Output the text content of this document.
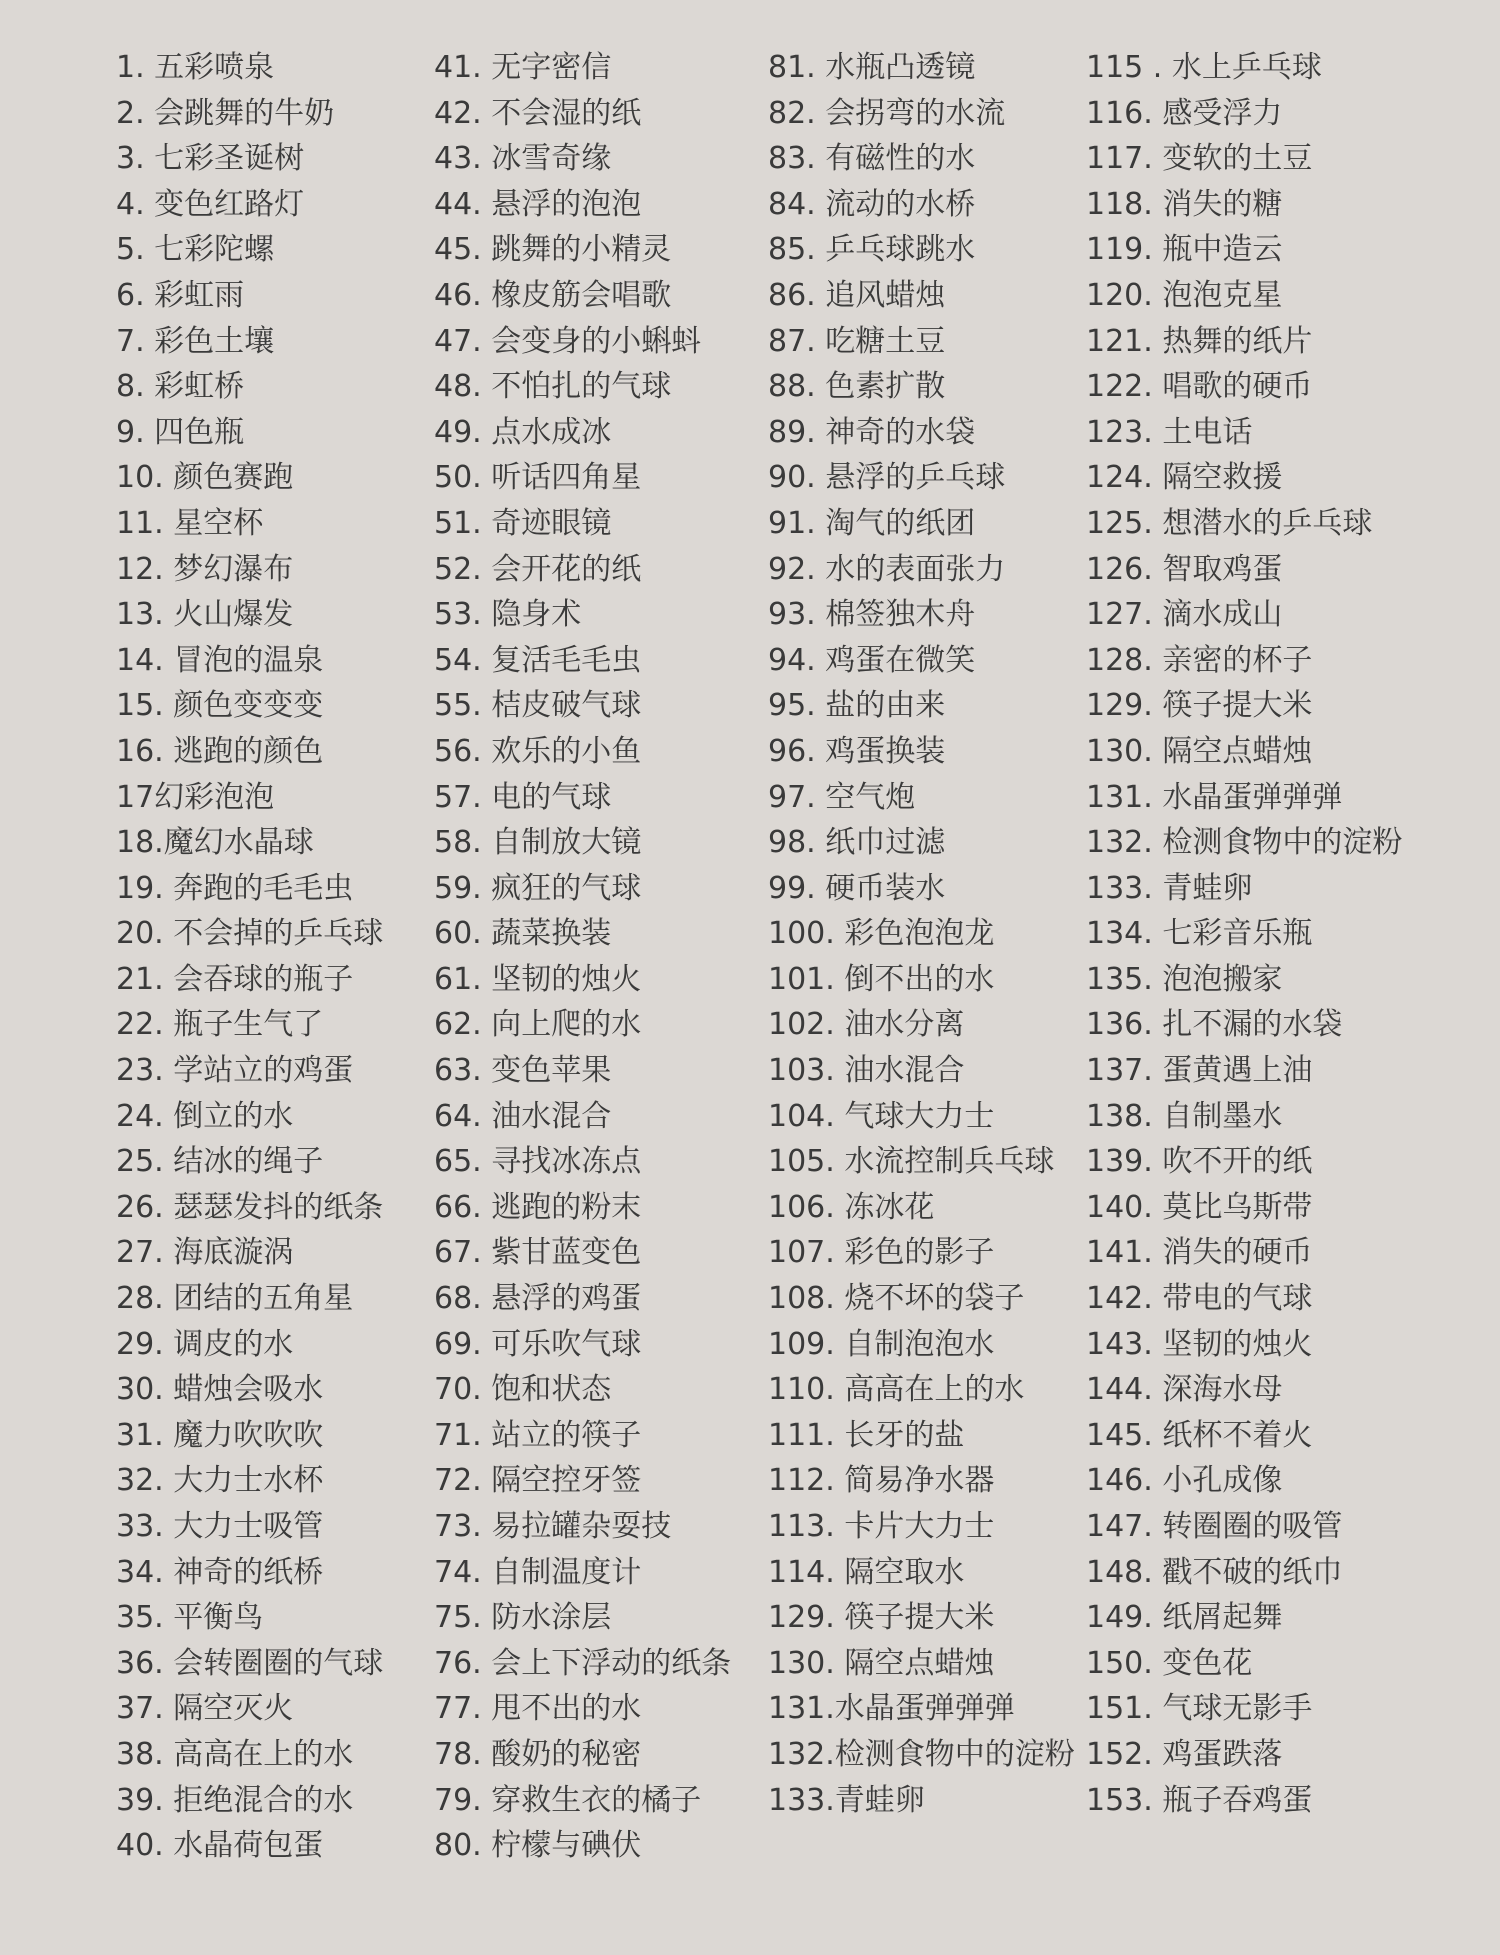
1. 五彩喷泉
2. 会跳舞的牛奶
3. 七彩圣诞树
4. 变色红路灯
5. 七彩陀螺
6. 彩虹雨
7. 彩色土壤
8. 彩虹桥
9. 四色瓶
10. 颜色赛跑
11. 星空杯
12. 梦幻瀑布
13. 火山爆发
14. 冒泡的温泉
15. 颜色变变变
16. 逃跑的颜色
17幻彩泡泡
18.魔幻水晶球
19. 奔跑的毛毛虫
20. 不会掉的乒乓球
21. 会吞球的瓶子
22. 瓶子生气了
23. 学站立的鸡蛋
24. 倒立的水
25. 结冰的绳子
26. 瑟瑟发抖的纸条
27. 海底漩涡
28. 团结的五角星
29. 调皮的水
30. 蜡烛会吸水
31. 魔力吹吹吹
32. 大力士水杯
33. 大力士吸管
34. 神奇的纸桥
35. 平衡鸟
36. 会转圈圈的气球
37. 隔空灭火
38. 高高在上的水
39. 拒绝混合的水
40. 水晶荷包蛋
41. 无字密信
42. 不会湿的纸
43. 冰雪奇缘
44. 悬浮的泡泡
45. 跳舞的小精灵
46. 橡皮筋会唱歌
47. 会变身的小蝌蚪
48. 不怕扎的气球
49. 点水成冰
50. 听话四角星
51. 奇迹眼镜
52. 会开花的纸
53. 隐身术
54. 复活毛毛虫
55. 桔皮破气球
56. 欢乐的小鱼
57. 电的气球
58. 自制放大镜
59. 疯狂的气球
60. 蔬菜换装
61. 坚韧的烛火
62. 向上爬的水
63. 变色苹果
64. 油水混合
65. 寻找冰冻点
66. 逃跑的粉末
67. 紫甘蓝变色
68. 悬浮的鸡蛋
69. 可乐吹气球
70. 饱和状态
71. 站立的筷子
72. 隔空控牙签
73. 易拉罐杂耍技
74. 自制温度计
75. 防水涂层
76. 会上下浮动的纸条
77. 甩不出的水
78. 酸奶的秘密
79. 穿救生衣的橘子
80. 柠檬与碘伏
81. 水瓶凸透镜
82. 会拐弯的水流
83. 有磁性的水
84. 流动的水桥
85. 乒乓球跳水
86. 追风蜡烛
87. 吃糖土豆
88. 色素扩散
89. 神奇的水袋
90. 悬浮的乒乓球
91. 淘气的纸团
92. 水的表面张力
93. 棉签独木舟
94. 鸡蛋在微笑
95. 盐的由来
96. 鸡蛋换装
97. 空气炮
98. 纸巾过滤
99. 硬币装水
100. 彩色泡泡龙
101. 倒不出的水
102. 油水分离
103. 油水混合
104. 气球大力士
105. 水流控制兵乓球
106. 冻冰花
107. 彩色的影子
108. 烧不坏的袋子
109. 自制泡泡水
110. 高高在上的水
111. 长牙的盐
112. 简易净水器
113. 卡片大力士
114. 隔空取水
129. 筷子提大米
130. 隔空点蜡烛
131.水晶蛋弹弹弹
132.检测食物中的淀粉
133.青蛙卵
115 . 水上乒乓球
116. 感受浮力
117. 变软的土豆
118. 消失的糖
119. 瓶中造云
120. 泡泡克星
121. 热舞的纸片
122. 唱歌的硬币
123. 土电话
124. 隔空救援
125. 想潜水的乒乓球
126. 智取鸡蛋
127. 滴水成山
128. 亲密的杯子
129. 筷子提大米
130. 隔空点蜡烛
131. 水晶蛋弹弹弹
132. 检测食物中的淀粉
133. 青蛙卵
134. 七彩音乐瓶
135. 泡泡搬家
136. 扎不漏的水袋
137. 蛋黄遇上油
138. 自制墨水
139. 吹不开的纸
140. 莫比乌斯带
141. 消失的硬币
142. 带电的气球
143. 坚韧的烛火
144. 深海水母
145. 纸杯不着火
146. 小孔成像
147. 转圈圈的吸管
148. 戳不破的纸巾
149. 纸屑起舞
150. 变色花
151. 气球无影手
152. 鸡蛋跌落
153. 瓶子吞鸡蛋
